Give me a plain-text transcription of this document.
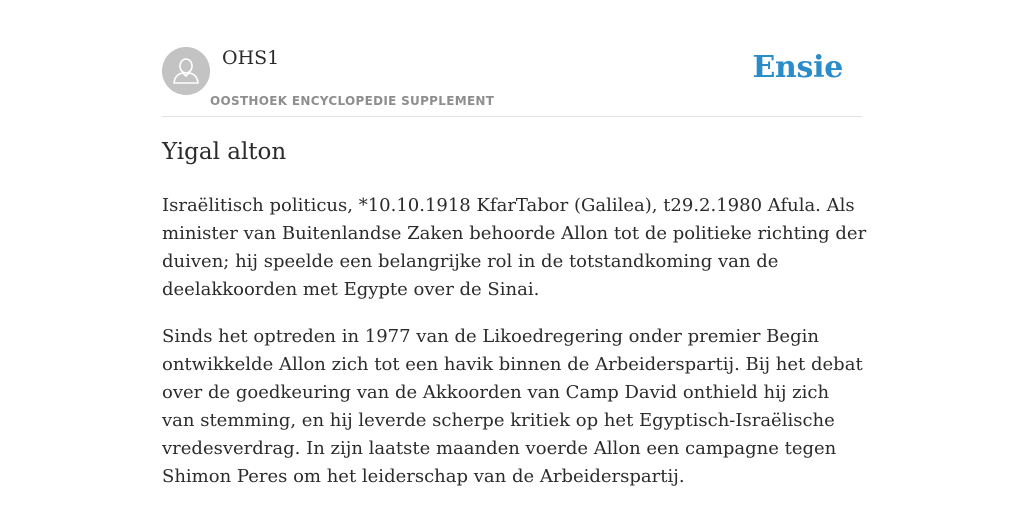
OHS1
OOSTHOEK ENCYCLOPEDIE SUPPLEMENT
Ensie
Yigal alton

Israëlitisch politicus, *10.10.1918 KfarTabor (Galilea), t29.2.1980 Afula. Als minister van Buitenlandse Zaken behoorde Allon tot de politieke richting der duiven; hij speelde een belangrijke rol in de totstandkoming van de deelakkoorden met Egypte over de Sinai.

Sinds het optreden in 1977 van de Likoedregering onder premier Begin ontwikkelde Allon zich tot een havik binnen de Arbeiderspartij. Bij het debat over de goedkeuring van de Akkoorden van Camp David onthield hij zich van stemming, en hij leverde scherpe kritiek op het Egyptisch-Israëlische vredesverdrag. In zijn laatste maanden voerde Allon een campagne tegen Shimon Peres om het leiderschap van de Arbeiderspartij.
